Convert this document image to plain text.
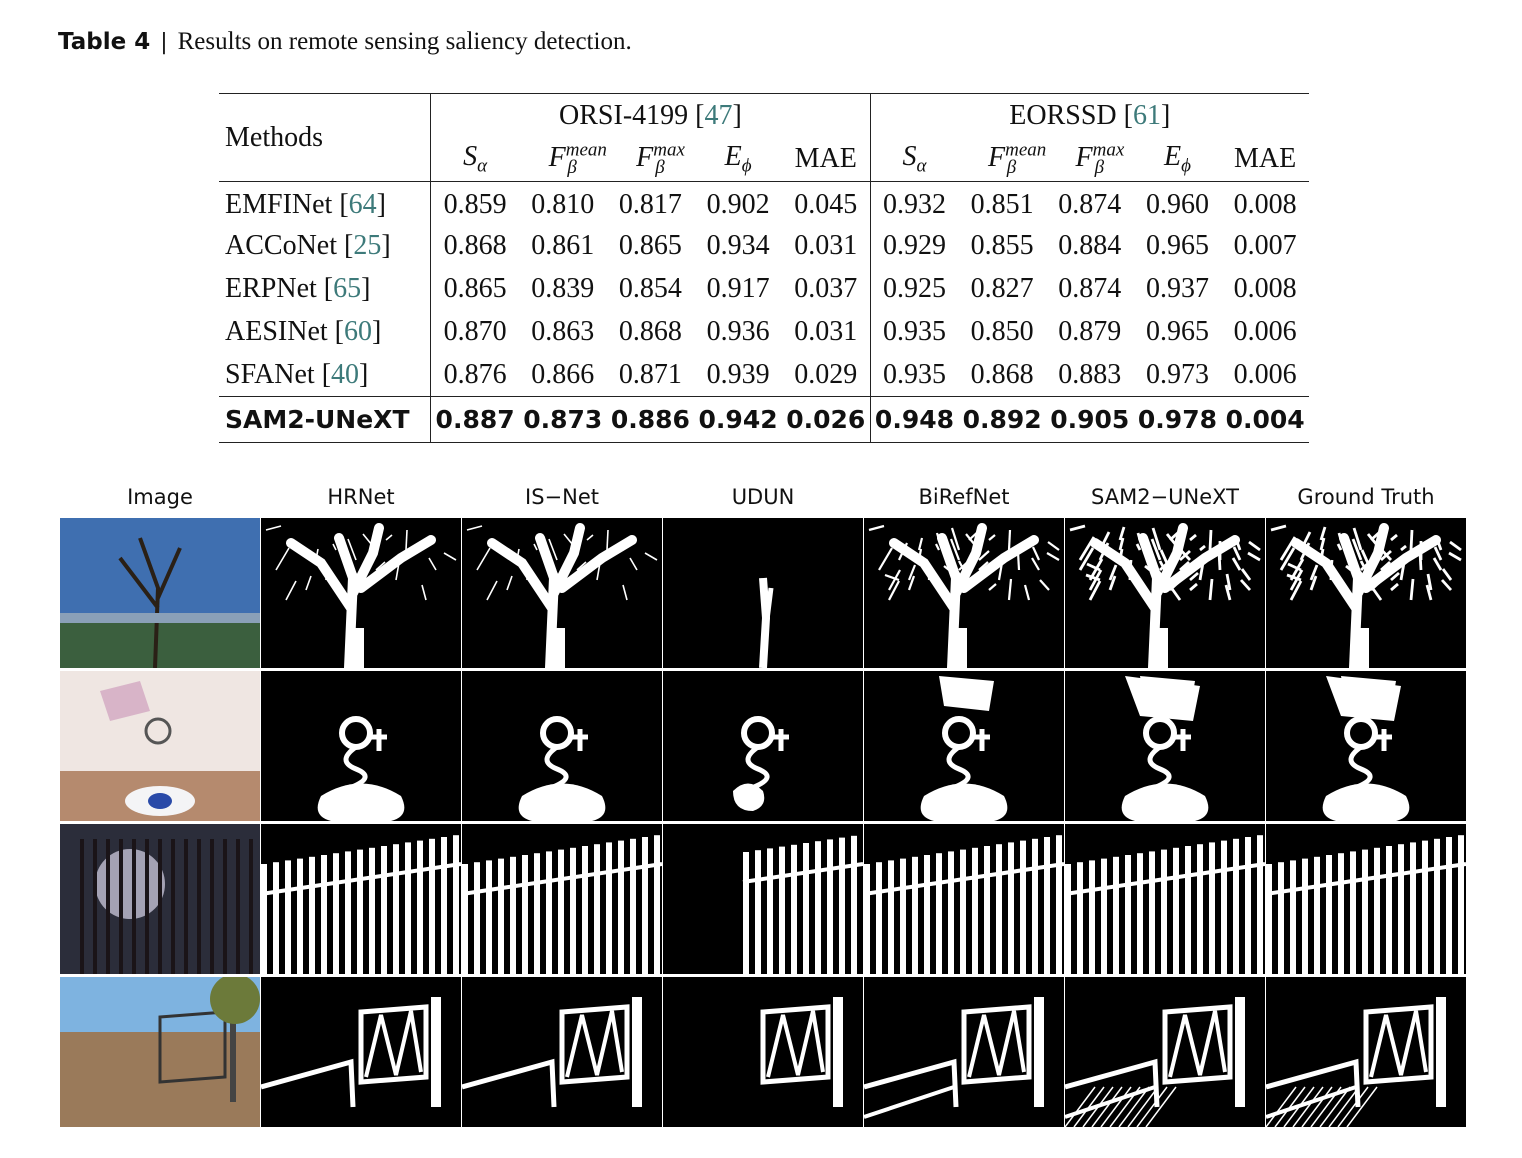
Table 4 | Results on remote sensing saliency detection.
Methods	ORSI-4199 [47]					EORSSD [61]				
	$S_\alpha$	$F^{mean}_\beta$	$F^{max}_\beta$	$E_\phi$	MAE	$S_\alpha$	$F^{mean}_\beta$	$F^{max}_\beta$	$E_\phi$	MAE
EMFINet [64]	0.859	0.810	0.817	0.902	0.045	0.932	0.851	0.874	0.960	0.008
ACCoNet [25]	0.868	0.861	0.865	0.934	0.031	0.929	0.855	0.884	0.965	0.007
ERPNet [65]	0.865	0.839	0.854	0.917	0.037	0.925	0.827	0.874	0.937	0.008
AESINet [60]	0.870	0.863	0.868	0.936	0.031	0.935	0.850	0.879	0.965	0.006
SFANet [40]	0.876	0.866	0.871	0.939	0.029	0.935	0.868	0.883	0.973	0.006
SAM2-UNeXT	0.887	0.873	0.886	0.942	0.026	0.948	0.892	0.905	0.978	0.004
Image	HRNet	IS−Net	UDUN	BiRefNet	SAM2−UNeXT	Ground Truth
